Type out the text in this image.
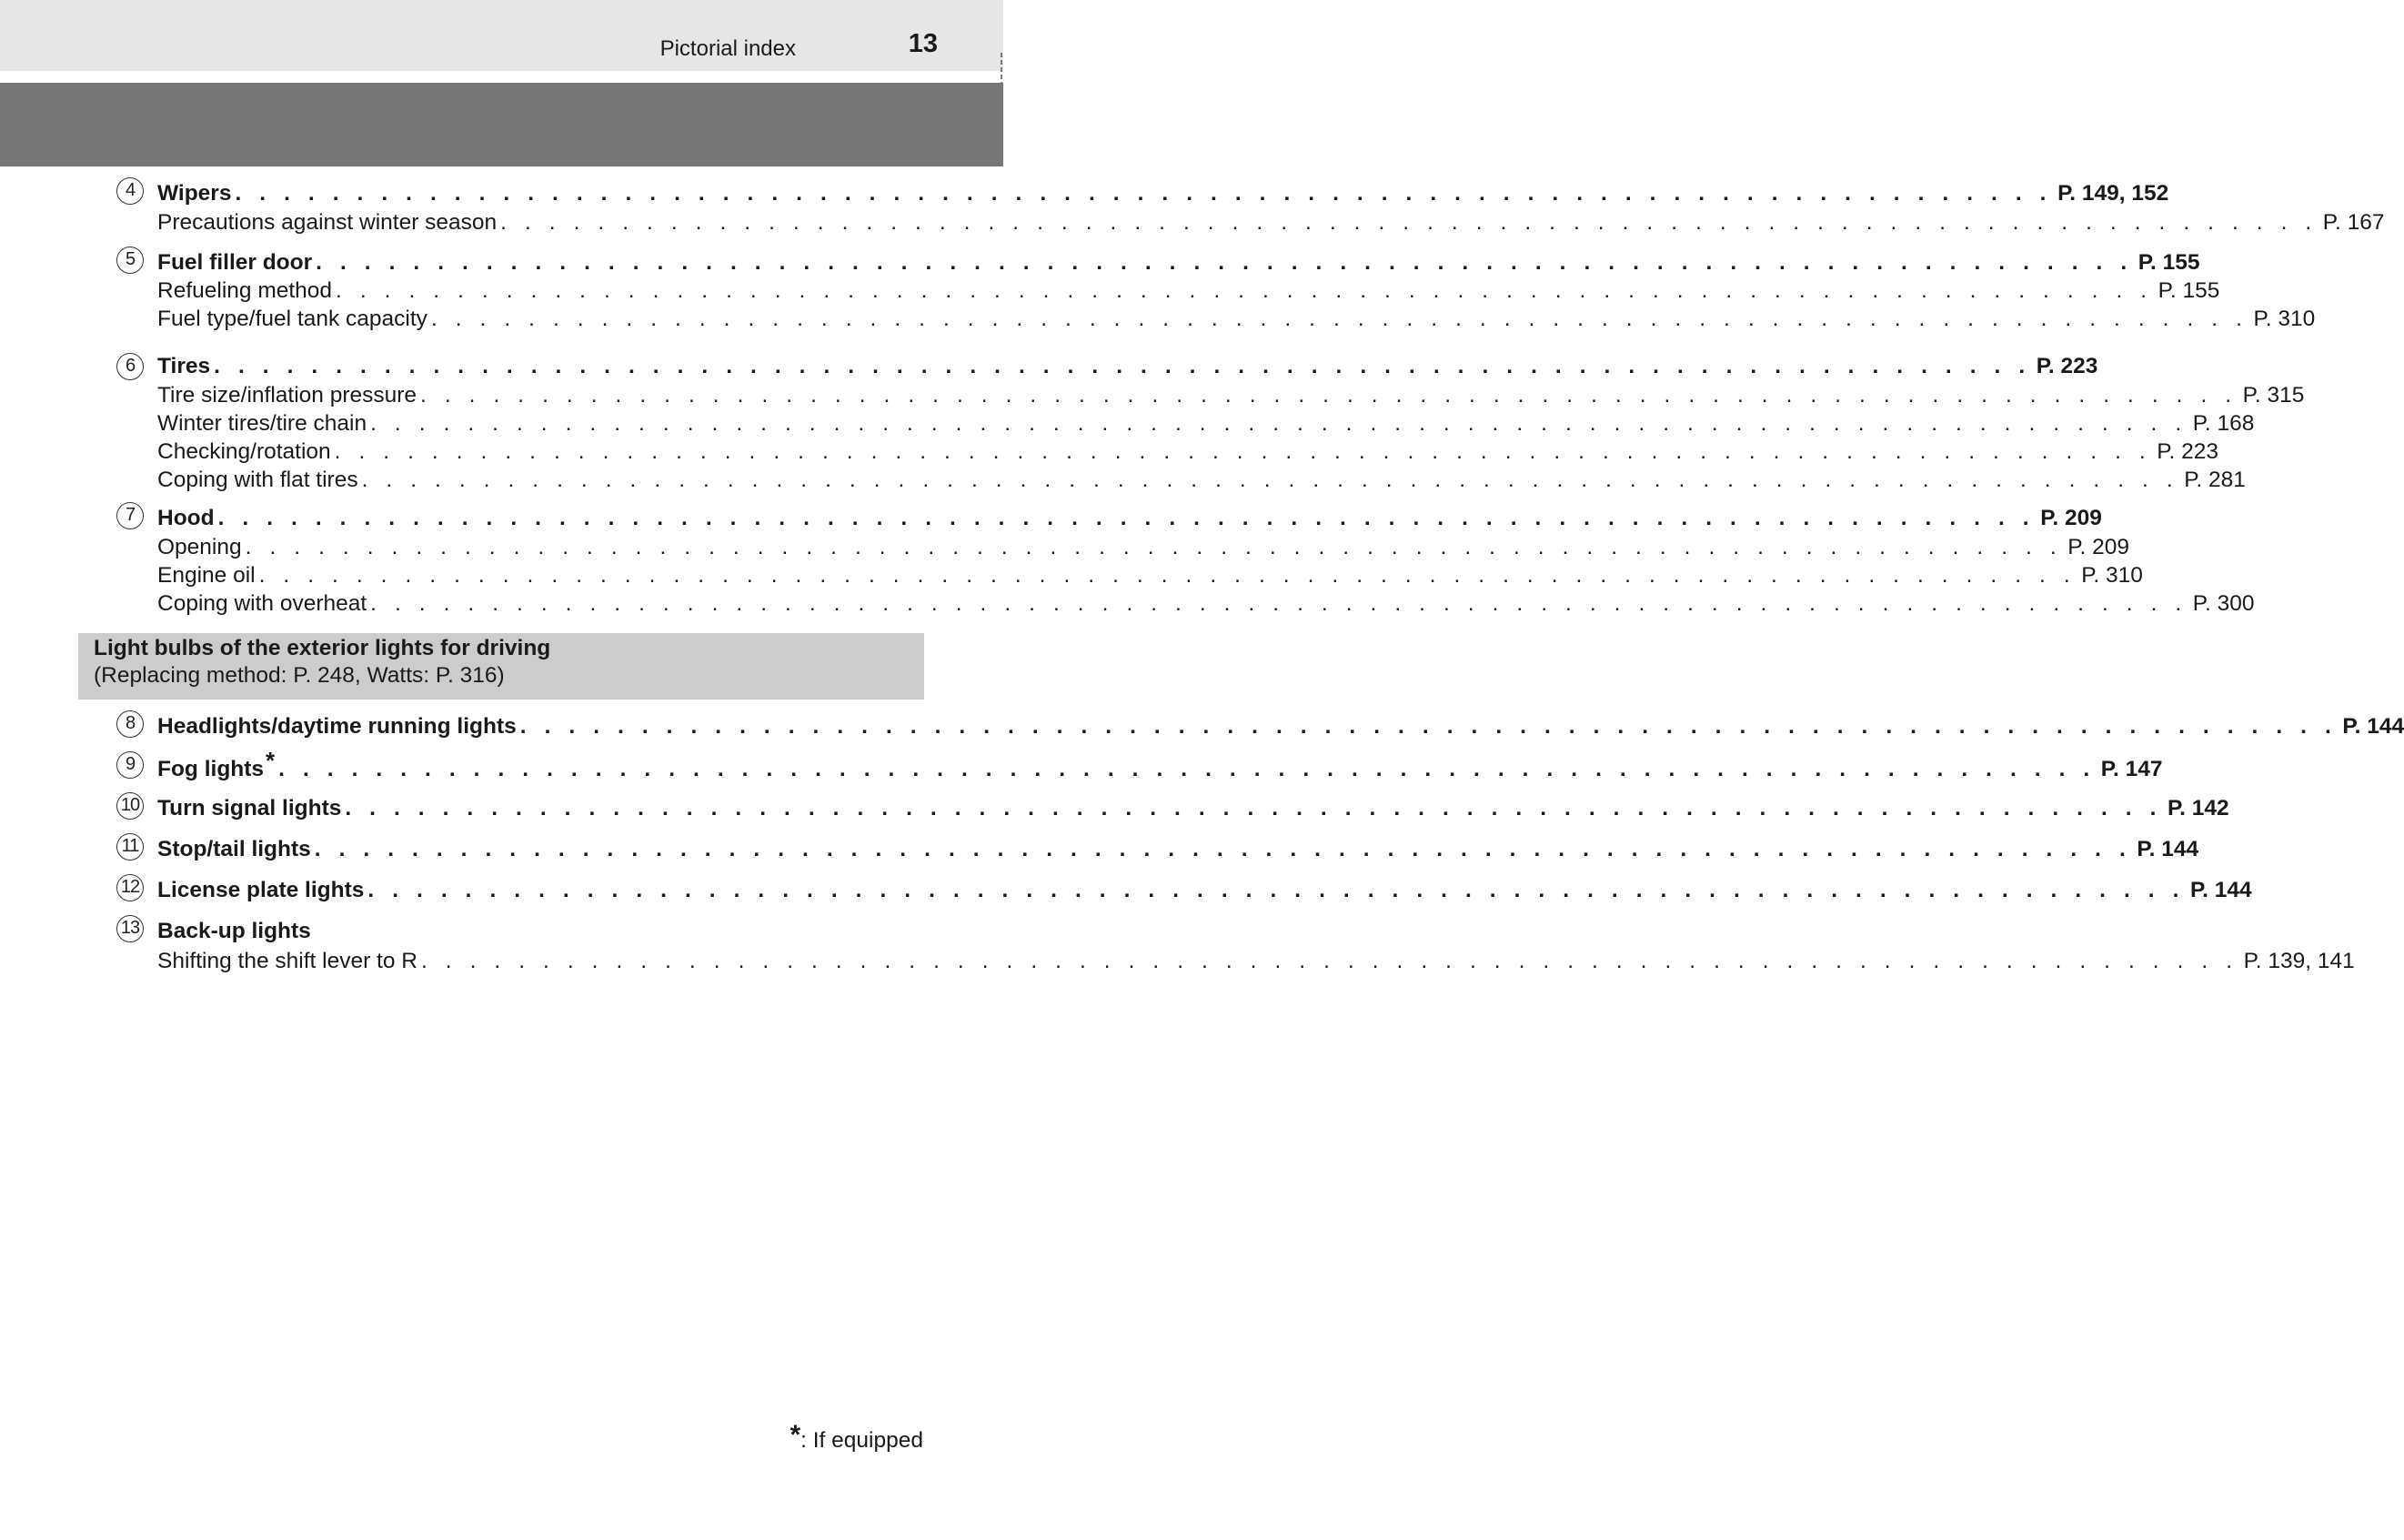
Pictorial index	13
4	Wipers . . . . . . . . . . . . . . . . . . . . . . . . . . . . . . . . . . . . . . . . . . . . . . . . . . . . . . . . . . . . . . . . . . . . . . . . . . . P. 149, 152
Precautions against winter season . . . . . . . . . . . . . . . . . . . . . . . . . . . . . . . . . . . . . . . . . . . . . . . . . . . . . . . . . . . . . . . . . . . . . . . . . . . P. 167
5	Fuel filler door . . . . . . . . . . . . . . . . . . . . . . . . . . . . . . . . . . . . . . . . . . . . . . . . . . . . . . . . . . . . . . . . . . . . . . . . . . . P. 155
Refueling method . . . . . . . . . . . . . . . . . . . . . . . . . . . . . . . . . . . . . . . . . . . . . . . . . . . . . . . . . . . . . . . . . . . . . . . . . . . P. 155
Fuel type/fuel tank capacity . . . . . . . . . . . . . . . . . . . . . . . . . . . . . . . . . . . . . . . . . . . . . . . . . . . . . . . . . . . . . . . . . . . . . . . . . . . P. 310
6	Tires . . . . . . . . . . . . . . . . . . . . . . . . . . . . . . . . . . . . . . . . . . . . . . . . . . . . . . . . . . . . . . . . . . . . . . . . . . . P. 223
Tire size/inflation pressure . . . . . . . . . . . . . . . . . . . . . . . . . . . . . . . . . . . . . . . . . . . . . . . . . . . . . . . . . . . . . . . . . . . . . . . . . . . P. 315
Winter tires/tire chain . . . . . . . . . . . . . . . . . . . . . . . . . . . . . . . . . . . . . . . . . . . . . . . . . . . . . . . . . . . . . . . . . . . . . . . . . . . P. 168
Checking/rotation . . . . . . . . . . . . . . . . . . . . . . . . . . . . . . . . . . . . . . . . . . . . . . . . . . . . . . . . . . . . . . . . . . . . . . . . . . . P. 223
Coping with flat tires . . . . . . . . . . . . . . . . . . . . . . . . . . . . . . . . . . . . . . . . . . . . . . . . . . . . . . . . . . . . . . . . . . . . . . . . . . . P. 281
7	Hood . . . . . . . . . . . . . . . . . . . . . . . . . . . . . . . . . . . . . . . . . . . . . . . . . . . . . . . . . . . . . . . . . . . . . . . . . . . P. 209
Opening . . . . . . . . . . . . . . . . . . . . . . . . . . . . . . . . . . . . . . . . . . . . . . . . . . . . . . . . . . . . . . . . . . . . . . . . . . . P. 209
Engine oil . . . . . . . . . . . . . . . . . . . . . . . . . . . . . . . . . . . . . . . . . . . . . . . . . . . . . . . . . . . . . . . . . . . . . . . . . . . P. 310
Coping with overheat . . . . . . . . . . . . . . . . . . . . . . . . . . . . . . . . . . . . . . . . . . . . . . . . . . . . . . . . . . . . . . . . . . . . . . . . . . . P. 300
Light bulbs of the exterior lights for driving
(Replacing method: P. 248, Watts: P. 316)
8	Headlights/daytime running lights . . . . . . . . . . . . . . . . . . . . . . . . . . . . . . . . . . . . . . . . . . . . . . . . . . . . . . . . . . . . . . . . . . . . . . . . . . . P. 144
9	Fog lights* . . . . . . . . . . . . . . . . . . . . . . . . . . . . . . . . . . . . . . . . . . . . . . . . . . . . . . . . . . . . . . . . . . . . . . . . . . . P. 147
10 Turn signal lights . . . . . . . . . . . . . . . . . . . . . . . . . . . . . . . . . . . . . . . . . . . . . . . . . . . . . . . . . . . . . . . . . . . . . . . . . . . P. 142
11 Stop/tail lights . . . . . . . . . . . . . . . . . . . . . . . . . . . . . . . . . . . . . . . . . . . . . . . . . . . . . . . . . . . . . . . . . . . . . . . . . . . P. 144
12 License plate lights . . . . . . . . . . . . . . . . . . . . . . . . . . . . . . . . . . . . . . . . . . . . . . . . . . . . . . . . . . . . . . . . . . . . . . . . . . . P. 144
13 Back-up lights
Shifting the shift lever to R . . . . . . . . . . . . . . . . . . . . . . . . . . . . . . . . . . . . . . . . . . . . . . . . . . . . . . . . . . . . . . . . . . . . . . . . . . . P. 139, 141
*: If equipped
